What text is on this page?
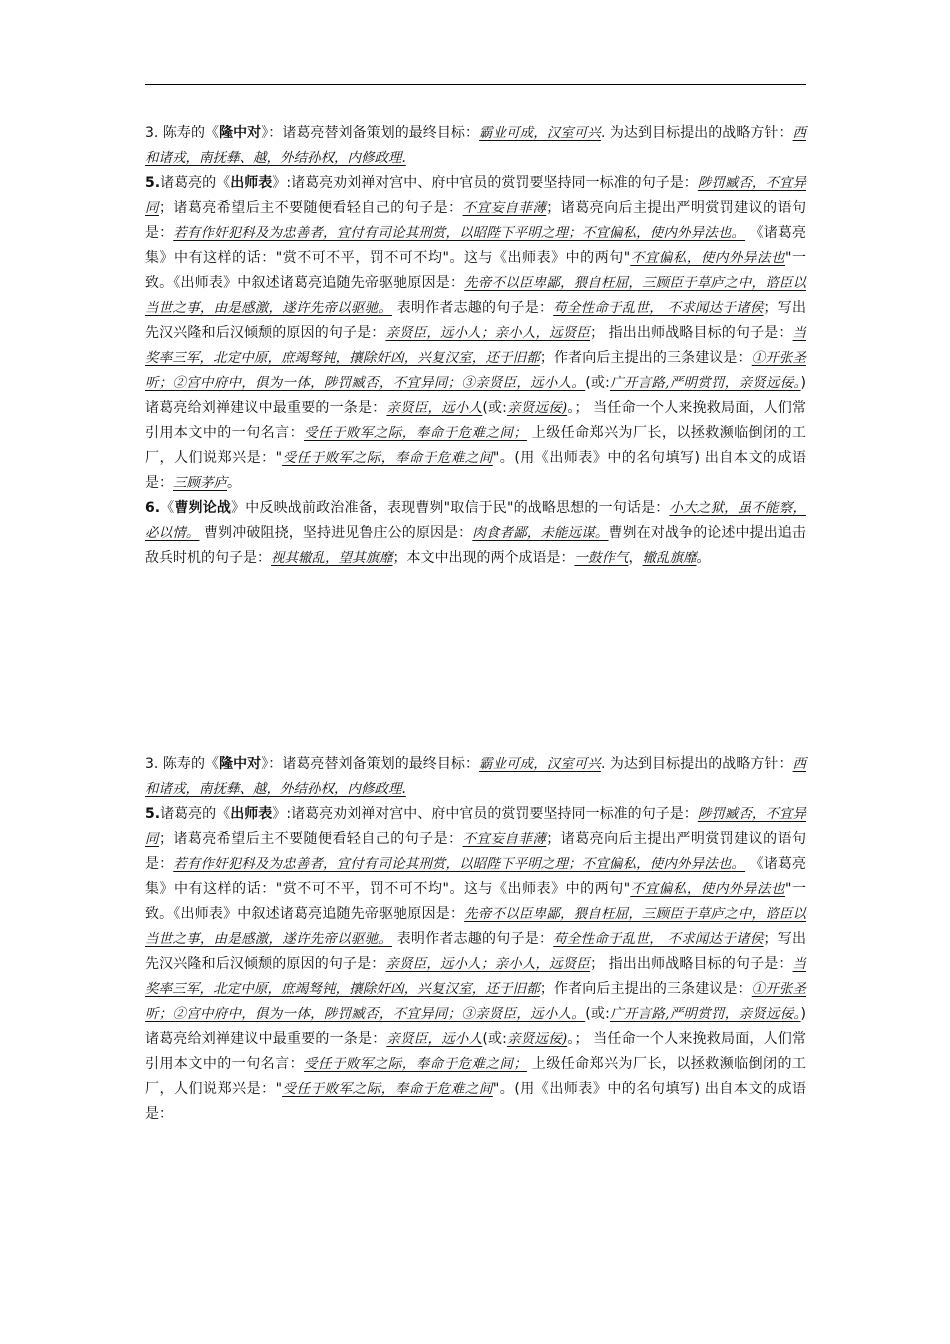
3. 陈寿的《隆中对》：诸葛亮替刘备策划的最终目标：霸业可成，汉室可兴. 为达到目标提出的战略方针：西和诸戎，南抚彝、越，外结孙权，内修政理.

5.诸葛亮的《出师表》:诸葛亮劝刘禅对宫中、府中官员的赏罚要坚持同一标准的句子是：陟罚臧否，不宜异同；诸葛亮希望后主不要随便看轻自己的句子是：不宜妄自菲薄；诸葛亮向后主提出严明赏罚建议的语句是：若有作奸犯科及为忠善者，宜付有司论其刑赏，以昭陛下平明之理；不宜偏私，使内外异法也。 《诸葛亮集》中有这样的话："赏不可不平，罚不可不均"。这与《出师表》中的两句"不宜偏私，使内外异法也"一致。《出师表》中叙述诸葛亮追随先帝驱驰原因是：先帝不以臣卑鄙，猥自枉屈，三顾臣于草庐之中，谘臣以当世之事，由是感激，遂许先帝以驱驰。 表明作者志趣的句子是：苟全性命于乱世， 不求闻达于诸侯；写出先汉兴隆和后汉倾颓的原因的句子是：亲贤臣，远小人；亲小人，远贤臣； 指出出师战略目标的句子是：当奖率三军，北定中原，庶竭驽钝，攘除奸凶，兴复汉室，还于旧都；作者向后主提出的三条建议是：①开张圣听；②宫中府中，俱为一体，陟罚臧否，不宜异同；③亲贤臣，远小人。(或:广开言路,严明赏罚，亲贤远佞。) 诸葛亮给刘禅建议中最重要的一条是：亲贤臣，远小人(或:亲贤远佞)。； 当任命一个人来挽救局面，人们常引用本文中的一句名言：受任于败军之际，奉命于危难之间； 上级任命郑兴为厂长，以拯救濒临倒闭的工厂，人们说郑兴是："受任于败军之际，奉命于危难之间"。(用《出师表》中的名句填写) 出自本文的成语是：三顾茅庐。

6.《曹刿论战》中反映战前政治准备，表现曹刿"取信于民"的战略思想的一句话是：小大之狱，虽不能察，必以情。 曹刿冲破阻挠，坚持进见鲁庄公的原因是：肉食者鄙，未能远谋。曹刿在对战争的论述中提出追击敌兵时机的句子是：视其辙乱，望其旗靡；本文中出现的两个成语是：一鼓作气，辙乱旗靡。

3. 陈寿的《隆中对》：诸葛亮替刘备策划的最终目标：霸业可成，汉室可兴. 为达到目标提出的战略方针：西和诸戎，南抚彝、越，外结孙权，内修政理.

5.诸葛亮的《出师表》:诸葛亮劝刘禅对宫中、府中官员的赏罚要坚持同一标准的句子是：陟罚臧否，不宜异同；诸葛亮希望后主不要随便看轻自己的句子是：不宜妄自菲薄；诸葛亮向后主提出严明赏罚建议的语句是：若有作奸犯科及为忠善者，宜付有司论其刑赏，以昭陛下平明之理；不宜偏私，使内外异法也。 《诸葛亮集》中有这样的话："赏不可不平，罚不可不均"。这与《出师表》中的两句"不宜偏私，使内外异法也"一致。《出师表》中叙述诸葛亮追随先帝驱驰原因是：先帝不以臣卑鄙，猥自枉屈，三顾臣于草庐之中，谘臣以当世之事，由是感激，遂许先帝以驱驰。 表明作者志趣的句子是：苟全性命于乱世， 不求闻达于诸侯；写出先汉兴隆和后汉倾颓的原因的句子是：亲贤臣，远小人；亲小人，远贤臣； 指出出师战略目标的句子是：当奖率三军，北定中原，庶竭驽钝，攘除奸凶，兴复汉室，还于旧都；作者向后主提出的三条建议是：①开张圣听；②宫中府中，俱为一体，陟罚臧否，不宜异同；③亲贤臣，远小人。(或:广开言路,严明赏罚，亲贤远佞。) 诸葛亮给刘禅建议中最重要的一条是：亲贤臣，远小人(或:亲贤远佞)。； 当任命一个人来挽救局面，人们常引用本文中的一句名言：受任于败军之际，奉命于危难之间； 上级任命郑兴为厂长，以拯救濒临倒闭的工厂，人们说郑兴是："受任于败军之际，奉命于危难之间"。(用《出师表》中的名句填写) 出自本文的成语是：
